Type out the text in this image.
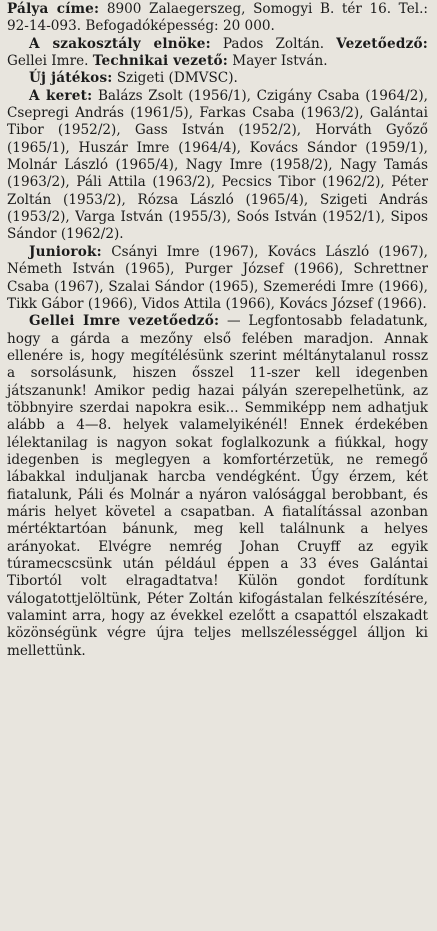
Pálya címe: 8900 Zalaegerszeg, Somogyi B. tér 16. Tel.: 92-14-093. Befogadóképesség: 20 000.

A szakosztály elnöke: Pados Zoltán. Vezetőedző: Gellei Imre. Technikai vezető: Mayer István.

Új játékos: Szigeti (DMVSC).

A keret: Balázs Zsolt (1956/1), Czigány Csaba (1964/2), Csepregi András (1961/5), Farkas Csaba (1963/2), Galántai Tibor (1952/2), Gass István (1952/2), Horváth Győző (1965/1), Huszár Imre (1964/4), Kovács Sándor (1959/1), Molnár László (1965/4), Nagy Imre (1958/2), Nagy Tamás (1963/2), Páli Attila (1963/2), Pecsics Tibor (1962/2), Péter Zoltán (1953/2), Rózsa László (1965/4), Szigeti András (1953/2), Varga István (1955/3), Soós István (1952/1), Sipos Sándor (1962/2).

Juniorok: Csányi Imre (1967), Kovács László (1967), Németh István (1965), Purger József (1966), Schrettner Csaba (1967), Szalai Sándor (1965), Szemerédi Imre (1966), Tikk Gábor (1966), Vidos Attila (1966), Kovács József (1966).

Gellei Imre vezetőedző: — Legfontosabb feladatunk, hogy a gárda a mezőny első felében maradjon. Annak ellenére is, hogy megítélésünk szerint méltánytalanul rossz a sorsolásunk, hiszen ősszel 11-szer kell idegenben játszanunk! Amikor pedig hazai pályán szerepelhetünk, az többnyire szerdai napokra esik... Semmiképp nem adhatjuk alább a 4—8. helyek valamelyikénél! Ennek érdekében lélektanilag is nagyon sokat foglalkozunk a fiúkkal, hogy idegenben is meglegyen a komfortérzetük, ne remegő lábakkal induljanak harcba vendégként. Úgy érzem, két fiatalunk, Páli és Molnár a nyáron valósággal berobbant, és máris helyet követel a csapatban. A fiatalítással azonban mértéktartóan bánunk, meg kell találnunk a helyes arányokat. Elvégre nemrég Johan Cruyff az egyik túramecscsünk után például éppen a 33 éves Galántai Tibortól volt elragadtatva! Külön gondot fordítunk válogatottjelöltünk, Péter Zoltán kifogástalan felkészítésére, valamint arra, hogy az évekkel ezelőtt a csapattól elszakadt közönségünk végre újra teljes mellszélességgel álljon ki mellettünk.
